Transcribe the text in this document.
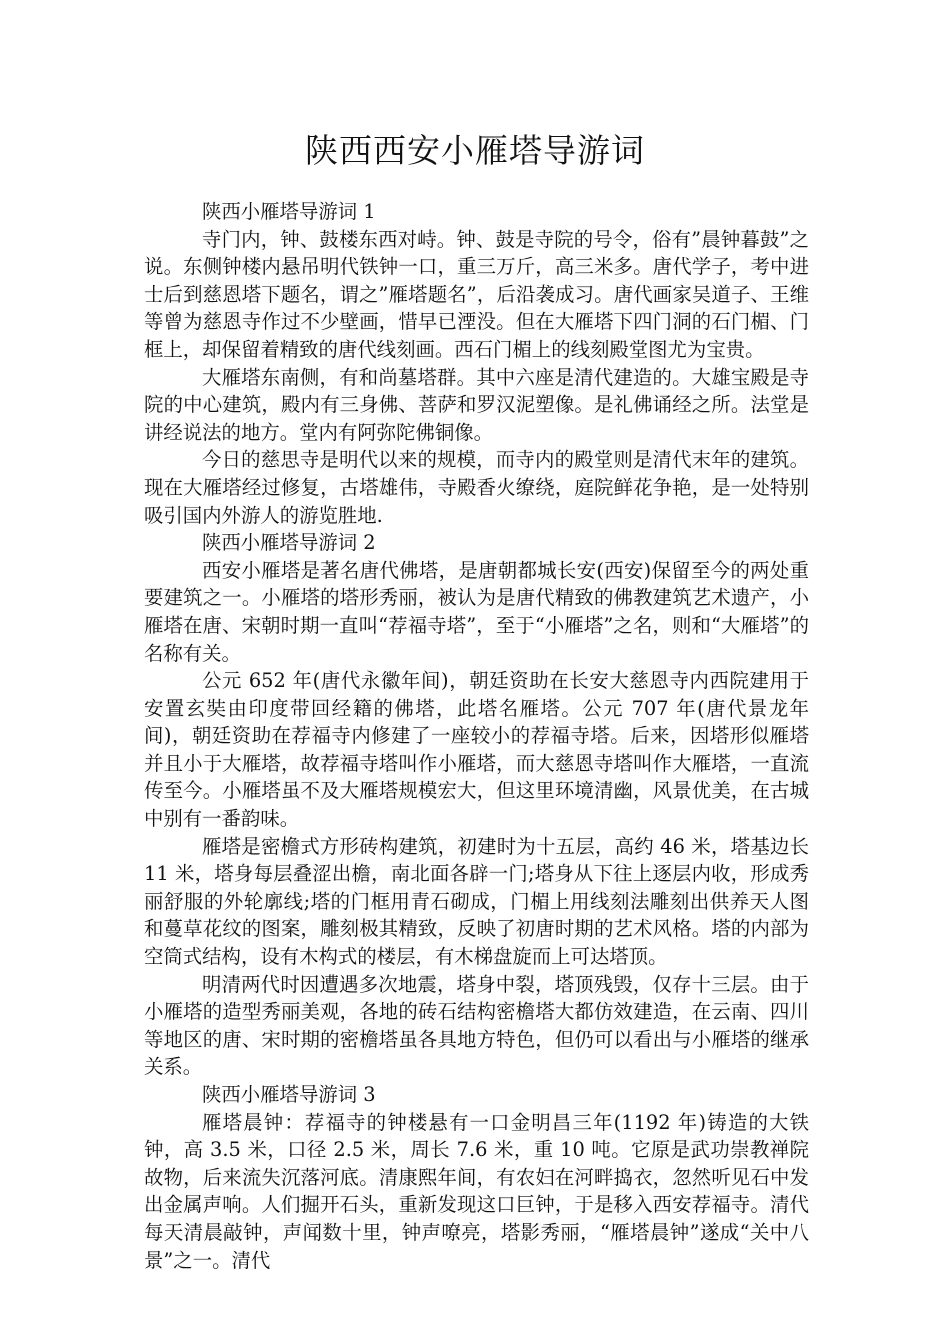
陕西西安小雁塔导游词
陕西小雁塔导游词 1

寺门内，钟、鼓楼东西对峙。钟、鼓是寺院的号令，俗有”晨钟暮鼓”之说。东侧钟楼内悬吊明代铁钟一口，重三万斤，高三米多。唐代学子，考中进士后到慈恩塔下题名，谓之”雁塔题名”，后沿袭成习。唐代画家吴道子、王维等曾为慈恩寺作过不少壁画，惜早已湮没。但在大雁塔下四门洞的石门楣、门框上，却保留着精致的唐代线刻画。西石门楣上的线刻殿堂图尤为宝贵。

大雁塔东南侧，有和尚墓塔群。其中六座是清代建造的。大雄宝殿是寺院的中心建筑，殿内有三身佛、菩萨和罗汉泥塑像。是礼佛诵经之所。法堂是讲经说法的地方。堂内有阿弥陀佛铜像。

今日的慈思寺是明代以来的规模，而寺内的殿堂则是清代末年的建筑。现在大雁塔经过修复，古塔雄伟，寺殿香火缭绕，庭院鲜花争艳，是一处特别吸引国内外游人的游览胜地.

陕西小雁塔导游词 2

西安小雁塔是著名唐代佛塔，是唐朝都城长安(西安)保留至今的两处重要建筑之一。小雁塔的塔形秀丽，被认为是唐代精致的佛教建筑艺术遗产，小雁塔在唐、宋朝时期一直叫“荐福寺塔”，至于“小雁塔”之名，则和“大雁塔”的名称有关。

公元 652 年(唐代永徽年间)，朝廷资助在长安大慈恩寺内西院建用于安置玄奘由印度带回经籍的佛塔，此塔名雁塔。公元 707 年(唐代景龙年间)，朝廷资助在荐福寺内修建了一座较小的荐福寺塔。后来，因塔形似雁塔并且小于大雁塔，故荐福寺塔叫作小雁塔，而大慈恩寺塔叫作大雁塔，一直流传至今。小雁塔虽不及大雁塔规模宏大，但这里环境清幽，风景优美，在古城中别有一番韵味。

雁塔是密檐式方形砖构建筑，初建时为十五层，高约 46 米，塔基边长 11 米，塔身每层叠涩出檐，南北面各辟一门;塔身从下往上逐层内收，形成秀丽舒服的外轮廓线;塔的门框用青石砌成，门楣上用线刻法雕刻出供养天人图和蔓草花纹的图案，雕刻极其精致，反映了初唐时期的艺术风格。塔的内部为空筒式结构，设有木构式的楼层，有木梯盘旋而上可达塔顶。

明清两代时因遭遇多次地震，塔身中裂，塔顶残毁，仅存十三层。由于小雁塔的造型秀丽美观，各地的砖石结构密檐塔大都仿效建造，在云南、四川等地区的唐、宋时期的密檐塔虽各具地方特色，但仍可以看出与小雁塔的继承关系。

陕西小雁塔导游词 3

雁塔晨钟：荐福寺的钟楼悬有一口金明昌三年(1192 年)铸造的大铁钟，高 3.5 米，口径 2.5 米，周长 7.6 米，重 10 吨。它原是武功崇教禅院故物，后来流失沉落河底。清康熙年间，有农妇在河畔捣衣，忽然听见石中发出金属声响。人们掘开石头，重新发现这口巨钟，于是移入西安荐福寺。清代每天清晨敲钟，声闻数十里，钟声嘹亮，塔影秀丽，“雁塔晨钟”遂成“关中八景”之一。清代
